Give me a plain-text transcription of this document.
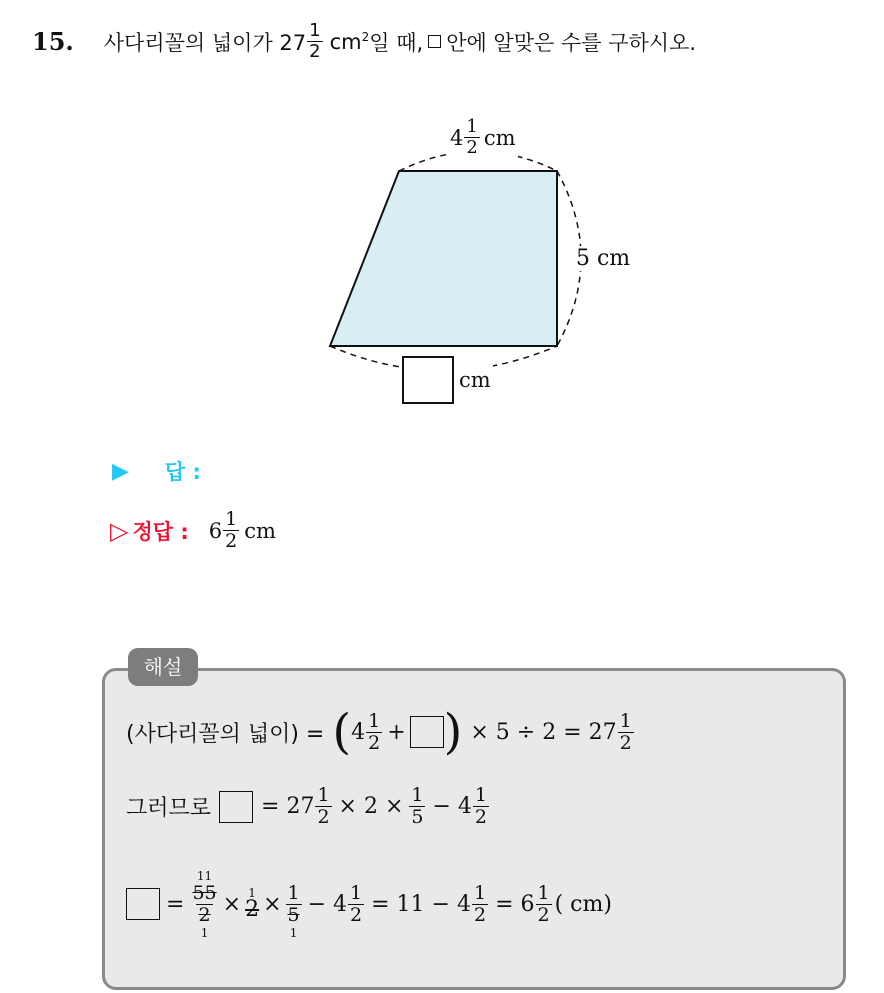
15. 사다리꼴의 넓이가 $27 \frac{1}{2} cm^2$ 일 때, 안에 알맞은 수를 구하시오.
$4 \frac{1}{2}$ cm
5 cm
cm
▶ 답 :
▷ 정답 : $6 \frac{1}{2}$ cm
해설
(사다리꼴의 넓이) = ( $4 \frac{1}{2}$ + ) × $5 \div 2 = 27 \frac{1}{2}$
그러므로 = $27 \frac{1}{2} \times 2 \times \frac{1}{5} - 4 \frac{1}{2}$
=
11
55
2
1
× 1
2 × 1
5
1
− $4 \frac{1}{2} = 11 - 4 \frac{1}{2} = 6 \frac{1}{2}$ ( cm)
